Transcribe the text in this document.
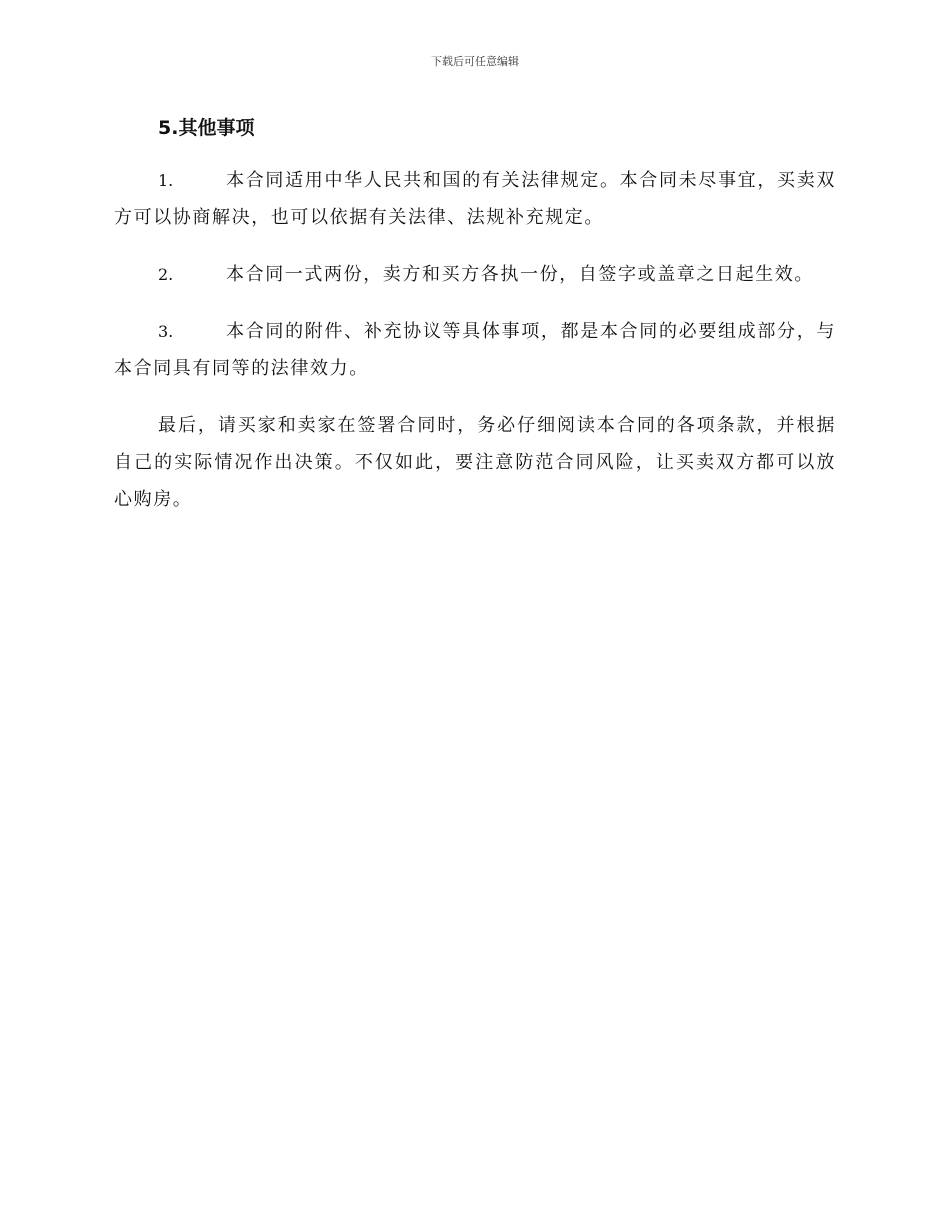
下载后可任意编辑
5.其他事项

1.	本合同适用中华人民共和国的有关法律规定。本合同未尽事宜，买卖双方可以协商解决，也可以依据有关法律、法规补充规定。

2.	本合同一式两份，卖方和买方各执一份，自签字或盖章之日起生效。

3.	本合同的附件、补充协议等具体事项，都是本合同的必要组成部分，与本合同具有同等的法律效力。

最后，请买家和卖家在签署合同时，务必仔细阅读本合同的各项条款，并根据自己的实际情况作出决策。不仅如此，要注意防范合同风险，让买卖双方都可以放心购房。
